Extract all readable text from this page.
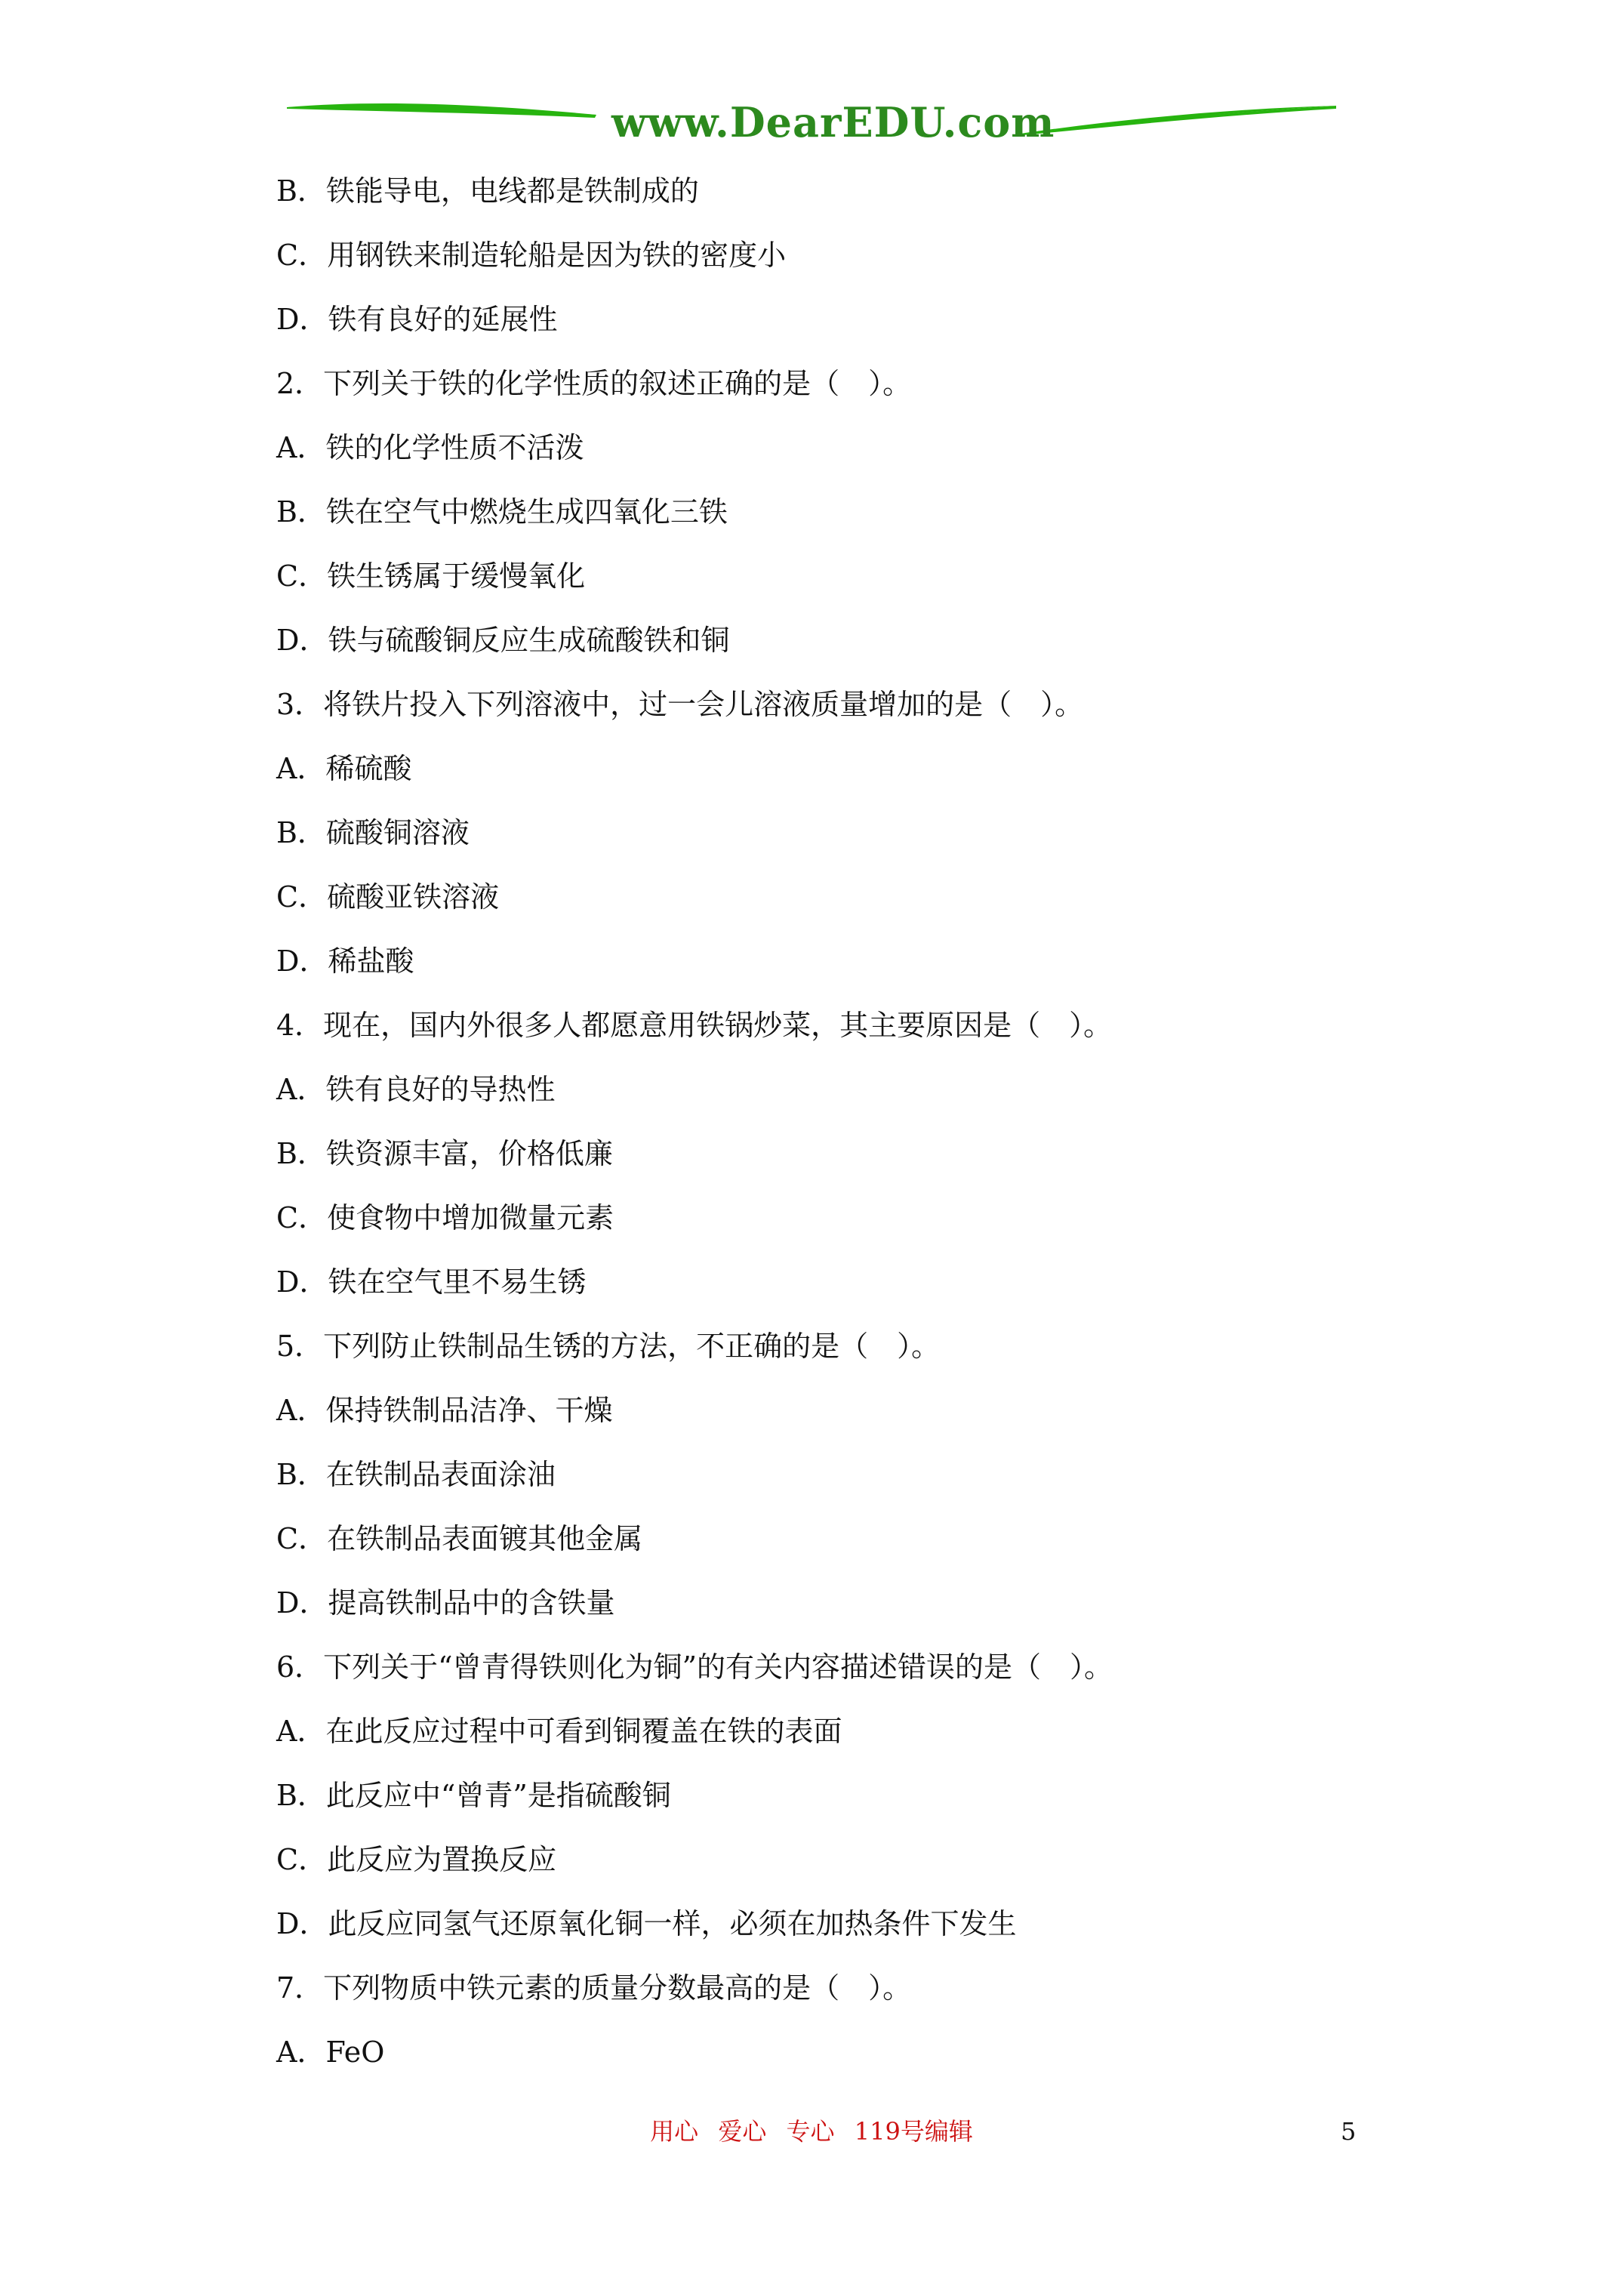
www.DearEDU.com
B．铁能导电，电线都是铁制成的
C．用钢铁来制造轮船是因为铁的密度小
D．铁有良好的延展性
2．下列关于铁的化学性质的叙述正确的是（　）。
A．铁的化学性质不活泼
B．铁在空气中燃烧生成四氧化三铁
C．铁生锈属于缓慢氧化
D．铁与硫酸铜反应生成硫酸铁和铜
3．将铁片投入下列溶液中，过一会儿溶液质量增加的是（　）。
A．稀硫酸
B．硫酸铜溶液
C．硫酸亚铁溶液
D．稀盐酸
4．现在，国内外很多人都愿意用铁锅炒菜，其主要原因是（　）。
A．铁有良好的导热性
B．铁资源丰富，价格低廉
C．使食物中增加微量元素
D．铁在空气里不易生锈
5．下列防止铁制品生锈的方法，不正确的是（　）。
A．保持铁制品洁净、干燥
B．在铁制品表面涂油
C．在铁制品表面镀其他金属
D．提高铁制品中的含铁量
6．下列关于“曾青得铁则化为铜”的有关内容描述错误的是（　）。
A．在此反应过程中可看到铜覆盖在铁的表面
B．此反应中“曾青”是指硫酸铜
C．此反应为置换反应
D．此反应同氢气还原氧化铜一样，必须在加热条件下发生
7．下列物质中铁元素的质量分数最高的是（　）。
A．FeO
用心 爱心 专心 119号编辑	5
